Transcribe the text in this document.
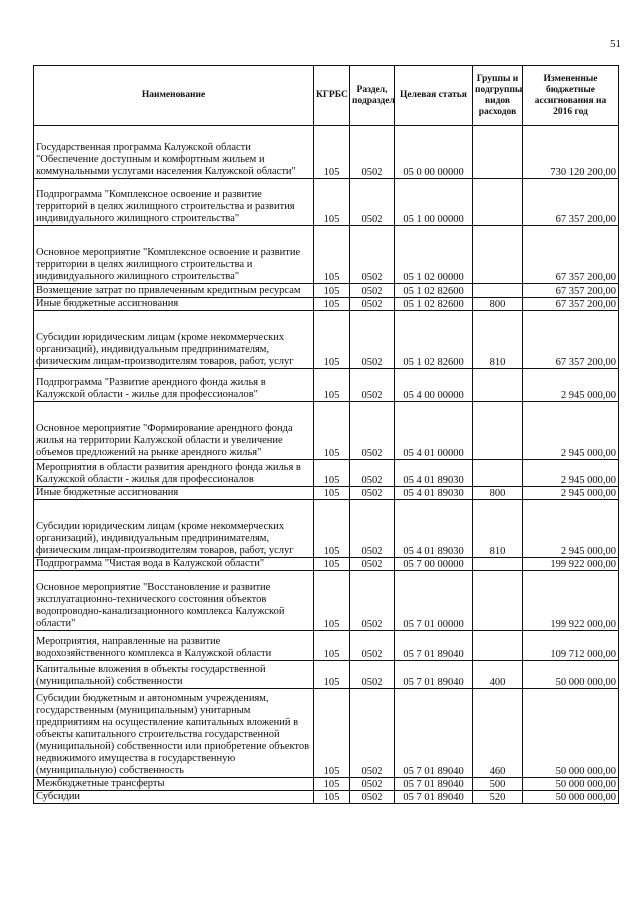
51
Наименование	КГРБС	Раздел, подраздел	Целевая статья	Группы и подгруппы видов расходов	Измененные бюджетные ассигнования на 2016 год
Государственная программа Калужской области "Обеспечение доступным и комфортным жильем и коммунальными услугами населения Калужской области"	105	0502	05 0 00 00000		730 120 200,00
Подпрограмма "Комплексное освоение и развитие территорий в целях жилищного строительства и развития индивидуального жилищного строительства"	105	0502	05 1 00 00000		67 357 200,00
Основное мероприятие "Комплексное освоение и развитие территории в целях жилищного строительства и индивидуального жилищного строительства"	105	0502	05 1 02 00000		67 357 200,00
Возмещение затрат по привлеченным кредитным ресурсам	105	0502	05 1 02 82600		67 357 200,00
Иные бюджетные ассигнования	105	0502	05 1 02 82600	800	67 357 200,00
Субсидии юридическим лицам (кроме некоммерческих организаций), индивидуальным предпринимателям, физическим лицам-производителям товаров, работ, услуг	105	0502	05 1 02 82600	810	67 357 200,00
Подпрограмма "Развитие арендного фонда жилья в Калужской области - жилье для профессионалов"	105	0502	05 4 00 00000		2 945 000,00
Основное мероприятие "Формирование арендного фонда жилья на территории Калужской области и увеличение объемов предложений на рынке арендного жилья"	105	0502	05 4 01 00000		2 945 000,00
Мероприятия в области развития арендного фонда жилья в Калужской области - жилья для профессионалов	105	0502	05 4 01 89030		2 945 000,00
Иные бюджетные ассигнования	105	0502	05 4 01 89030	800	2 945 000,00
Субсидии юридическим лицам (кроме некоммерческих организаций), индивидуальным предпринимателям, физическим лицам-производителям товаров, работ, услуг	105	0502	05 4 01 89030	810	2 945 000,00
Подпрограмма "Чистая вода в Калужской области"	105	0502	05 7 00 00000		199 922 000,00
Основное мероприятие "Восстановление и развитие эксплуатационно-технического состояния объектов водопроводно-канализационного комплекса Калужской области"	105	0502	05 7 01 00000		199 922 000,00
Мероприятия, направленные на развитие водохозяйственного комплекса в Калужской области	105	0502	05 7 01 89040		109 712 000,00
Капитальные вложения в объекты государственной (муниципальной) собственности	105	0502	05 7 01 89040	400	50 000 000,00
Субсидии бюджетным и автономным учреждениям, государственным (муниципальным) унитарным предприятиям на осуществление капитальных вложений в объекты капитального строительства государственной (муниципальной) собственности или приобретение объектов недвижимого имущества в государственную (муниципальную) собственность	105	0502	05 7 01 89040	460	50 000 000,00
Межбюджетные трансферты	105	0502	05 7 01 89040	500	50 000 000,00
Субсидии	105	0502	05 7 01 89040	520	50 000 000,00
